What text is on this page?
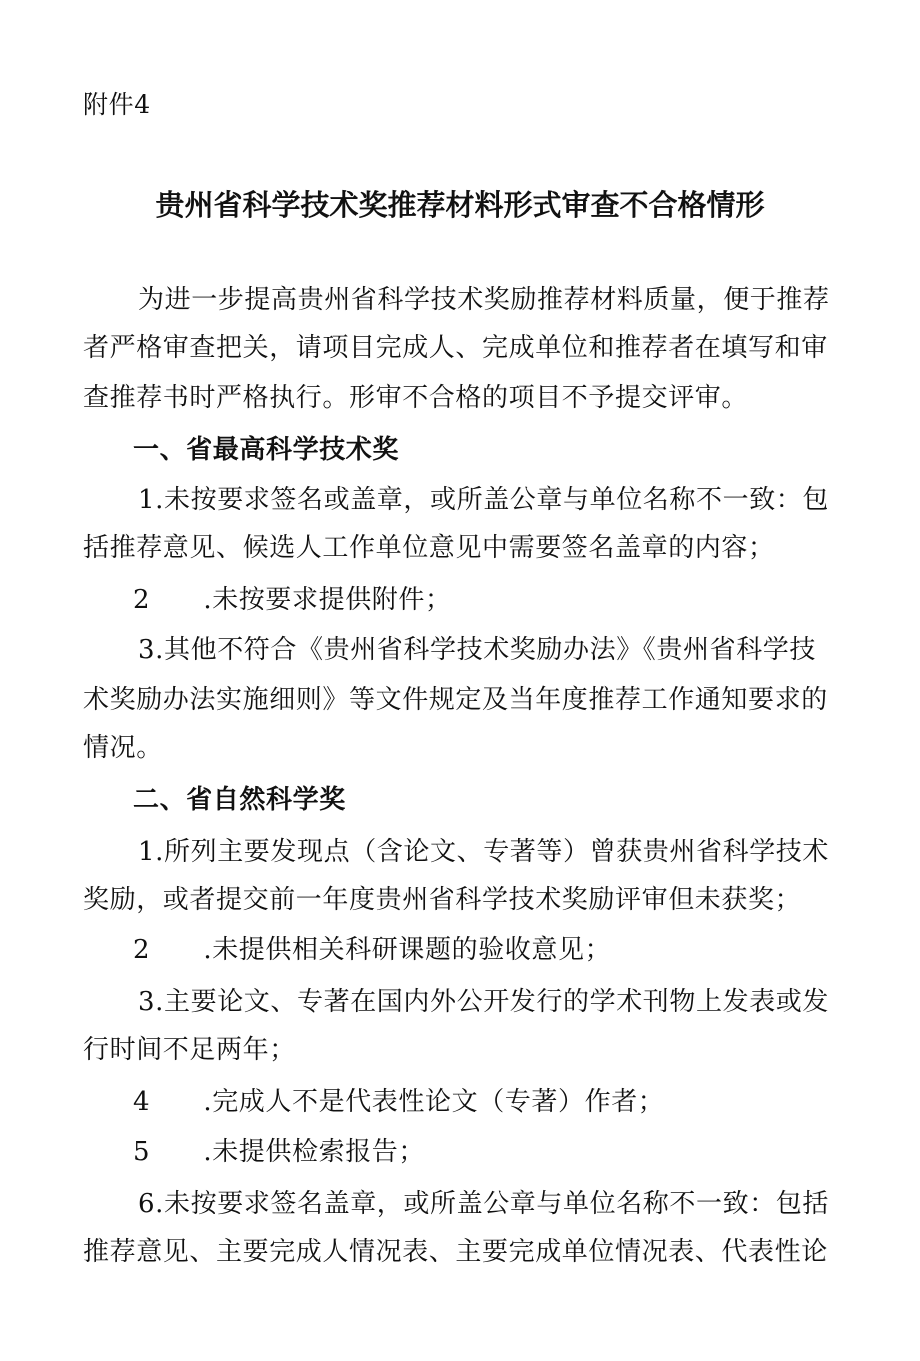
附件4
贵州省科学技术奖推荐材料形式审查不合格情形
为进一步提高贵州省科学技术奖励推荐材料质量，便于推荐
者严格审查把关，请项目完成人、完成单位和推荐者在填写和审
查推荐书时严格执行。形审不合格的项目不予提交评审。
一、省最高科学技术奖
1.未按要求签名或盖章，或所盖公章与单位名称不一致：包
括推荐意见、候选人工作单位意见中需要签名盖章的内容；
2      .未按要求提供附件；
3.其他不符合《贵州省科学技术奖励办法》《贵州省科学技
术奖励办法实施细则》等文件规定及当年度推荐工作通知要求的
情况。
二、省自然科学奖
1.所列主要发现点（含论文、专著等）曾获贵州省科学技术
奖励，或者提交前一年度贵州省科学技术奖励评审但未获奖；
2      .未提供相关科研课题的验收意见；
3.主要论文、专著在国内外公开发行的学术刊物上发表或发
行时间不足两年；
4      .完成人不是代表性论文（专著）作者；
5      .未提供检索报告；
6.未按要求签名盖章，或所盖公章与单位名称不一致：包括
推荐意见、主要完成人情况表、主要完成单位情况表、代表性论
